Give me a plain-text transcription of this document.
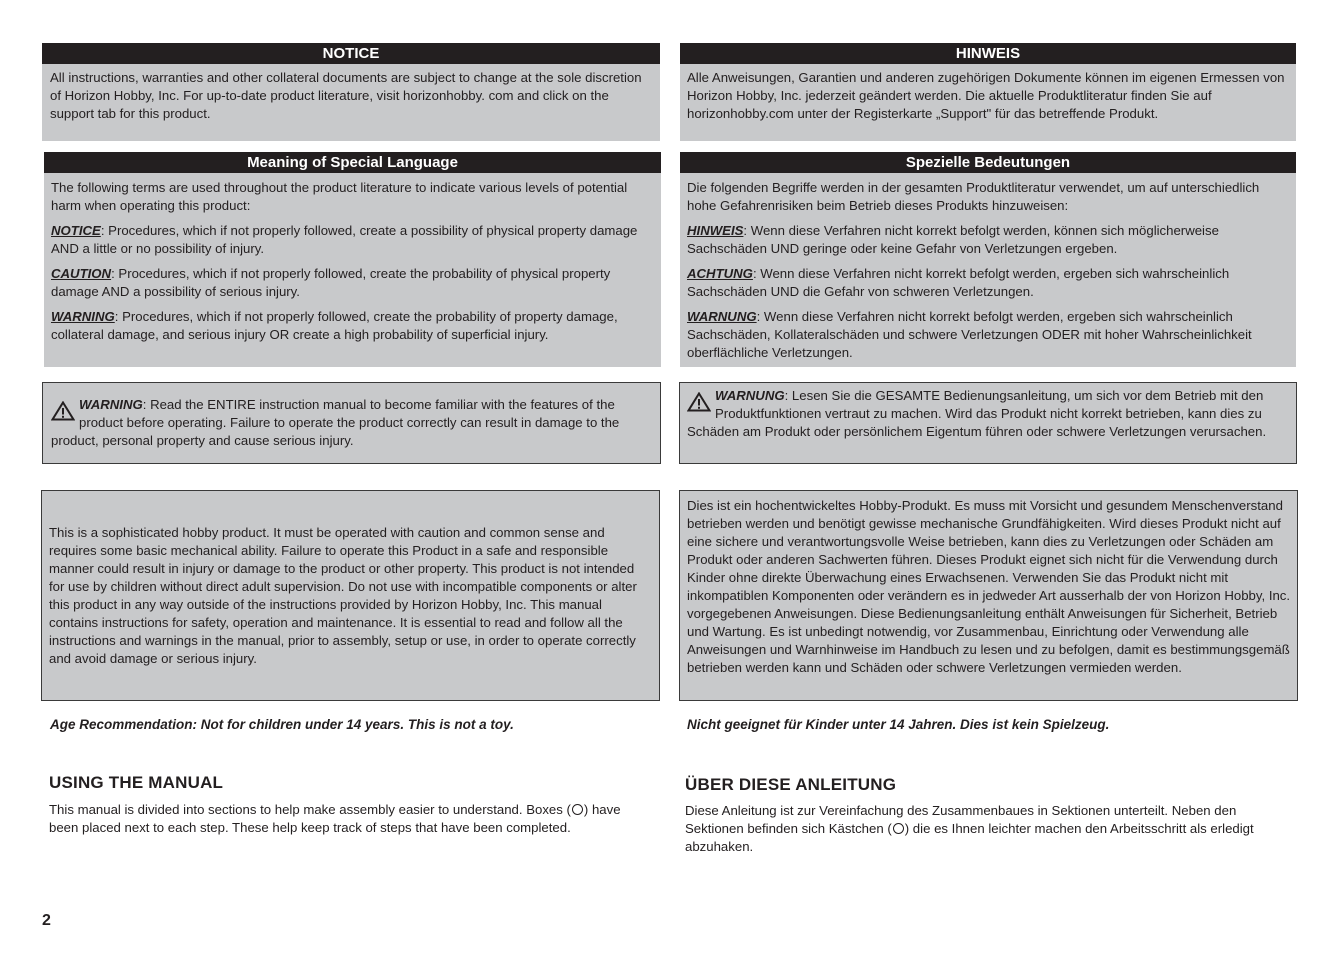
NOTICE
All instructions, warranties and other collateral documents are subject to change at the sole discretion of Horizon Hobby, Inc. For up-to-date product literature, visit horizonhobby. com and click on the support tab for this product.
Meaning of Special Language

The following terms are used throughout the product literature to indicate various levels of potential harm when operating this product:

NOTICE: Procedures, which if not properly followed, create a possibility of physical property damage AND a little or no possibility of injury.

CAUTION: Procedures, which if not properly followed, create the probability of physical property damage AND a possibility of serious injury.

WARNING: Procedures, which if not properly followed, create the probability of property damage, collateral damage, and serious injury OR create a high probability of superficial injury.

WARNING: Read the ENTIRE instruction manual to become familiar with the features of the product before operating. Failure to operate the product correctly can result in damage to the product, personal property and cause serious injury.
This is a sophisticated hobby product. It must be operated with caution and common sense and requires some basic mechanical ability. Failure to operate this Product in a safe and responsible manner could result in injury or damage to the product or other property. This product is not intended for use by children without direct adult supervision. Do not use with incompatible components or alter this product in any way outside of the instructions provided by Horizon Hobby, Inc. This manual contains instructions for safety, operation and maintenance. It is essential to read and follow all the instructions and warnings in the manual, prior to assembly, setup or use, in order to operate correctly and avoid damage or serious injury.
Age Recommendation: Not for children under 14 years. This is not a toy.
USING THE MANUAL
This manual is divided into sections to help make assembly easier to understand. Boxes ( ) have been placed next to each step. These help keep track of steps that have been completed.
HINWEIS
Alle Anweisungen, Garantien und anderen zugehörigen Dokumente können im eigenen Ermessen von Horizon Hobby, Inc. jederzeit geändert werden. Die aktuelle Produktliteratur finden Sie auf horizonhobby.com unter der Registerkarte „Support" für das betreffende Produkt.
Spezielle Bedeutungen

Die folgenden Begriffe werden in der gesamten Produktliteratur verwendet, um auf unterschiedlich hohe Gefahrenrisiken beim Betrieb dieses Produkts hinzuweisen:

HINWEIS: Wenn diese Verfahren nicht korrekt befolgt werden, können sich möglicherweise Sachschäden UND geringe oder keine Gefahr von Verletzungen ergeben.

ACHTUNG: Wenn diese Verfahren nicht korrekt befolgt werden, ergeben sich wahrscheinlich Sachschäden UND die Gefahr von schweren Verletzungen.

WARNUNG: Wenn diese Verfahren nicht korrekt befolgt werden, ergeben sich wahrscheinlich Sachschäden, Kollateralschäden und schwere Verletzungen ODER mit hoher Wahrscheinlichkeit oberflächliche Verletzungen.

WARNUNG: Lesen Sie die GESAMTE Bedienungsanleitung, um sich vor dem Betrieb mit den Produktfunktionen vertraut zu machen. Wird das Produkt nicht korrekt betrieben, kann dies zu Schäden am Produkt oder persönlichem Eigentum führen oder schwere Verletzungen verursachen.
Dies ist ein hochentwickeltes Hobby-Produkt. Es muss mit Vorsicht und gesundem Menschenverstand betrieben werden und benötigt gewisse mechanische Grundfähigkeiten. Wird dieses Produkt nicht auf eine sichere und verantwortungsvolle Weise betrieben, kann dies zu Verletzungen oder Schäden am Produkt oder anderen Sachwerten führen. Dieses Produkt eignet sich nicht für die Verwendung durch Kinder ohne direkte Überwachung eines Erwachsenen. Verwenden Sie das Produkt nicht mit inkompatiblen Komponenten oder verändern es in jedweder Art ausserhalb der von Horizon Hobby, Inc. vorgegebenen Anweisungen. Diese Bedienungsanleitung enthält Anweisungen für Sicherheit, Betrieb und Wartung. Es ist unbedingt notwendig, vor Zusammenbau, Einrichtung oder Verwendung alle Anweisungen und Warnhinweise im Handbuch zu lesen und zu befolgen, damit es bestimmungsgemäß betrieben werden kann und Schäden oder schwere Verletzungen vermieden werden.
Nicht geeignet für Kinder unter 14 Jahren. Dies ist kein Spielzeug.
ÜBER DIESE ANLEITUNG
Diese Anleitung ist zur Vereinfachung des Zusammenbaues in Sektionen unterteilt. Neben den Sektionen befinden sich Kästchen ( ) die es Ihnen leichter machen den Arbeitsschritt als erledigt abzuhaken.
2
